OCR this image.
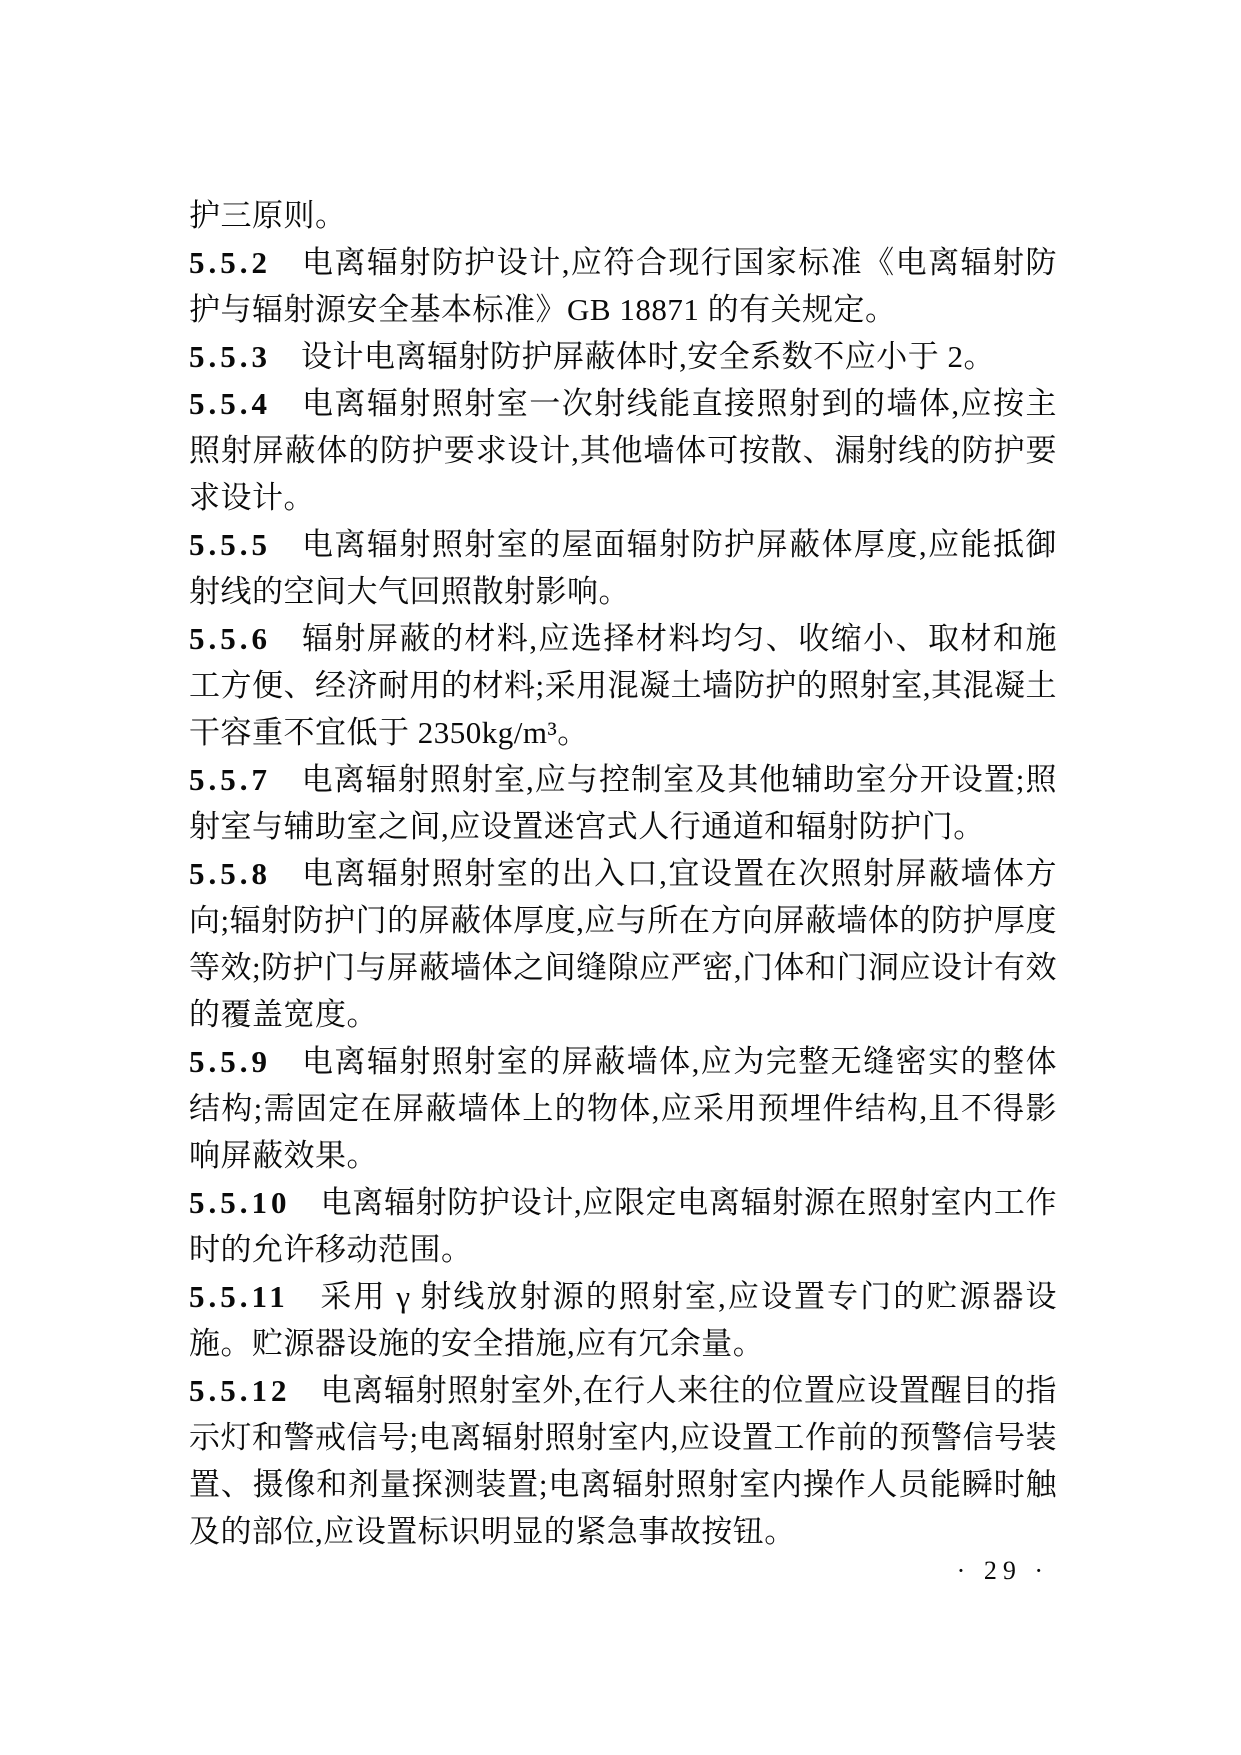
护三原则。

5.5.2 电离辐射防护设计,应符合现行国家标准《电离辐射防护与辐射源安全基本标准》GB 18871 的有关规定。

5.5.3 设计电离辐射防护屏蔽体时,安全系数不应小于 2。

5.5.4 电离辐射照射室一次射线能直接照射到的墙体,应按主照射屏蔽体的防护要求设计,其他墙体可按散、漏射线的防护要求设计。

5.5.5 电离辐射照射室的屋面辐射防护屏蔽体厚度,应能抵御射线的空间大气回照散射影响。

5.5.6 辐射屏蔽的材料,应选择材料均匀、收缩小、取材和施工方便、经济耐用的材料;采用混凝土墙防护的照射室,其混凝土干容重不宜低于 2350kg/m³。

5.5.7 电离辐射照射室,应与控制室及其他辅助室分开设置;照射室与辅助室之间,应设置迷宫式人行通道和辐射防护门。

5.5.8 电离辐射照射室的出入口,宜设置在次照射屏蔽墙体方向;辐射防护门的屏蔽体厚度,应与所在方向屏蔽墙体的防护厚度等效;防护门与屏蔽墙体之间缝隙应严密,门体和门洞应设计有效的覆盖宽度。

5.5.9 电离辐射照射室的屏蔽墙体,应为完整无缝密实的整体结构;需固定在屏蔽墙体上的物体,应采用预埋件结构,且不得影响屏蔽效果。

5.5.10 电离辐射防护设计,应限定电离辐射源在照射室内工作时的允许移动范围。

5.5.11 采用 γ 射线放射源的照射室,应设置专门的贮源器设施。贮源器设施的安全措施,应有冗余量。

5.5.12 电离辐射照射室外,在行人来往的位置应设置醒目的指示灯和警戒信号;电离辐射照射室内,应设置工作前的预警信号装置、摄像和剂量探测装置;电离辐射照射室内操作人员能瞬时触及的部位,应设置标识明显的紧急事故按钮。

· 29 ·
